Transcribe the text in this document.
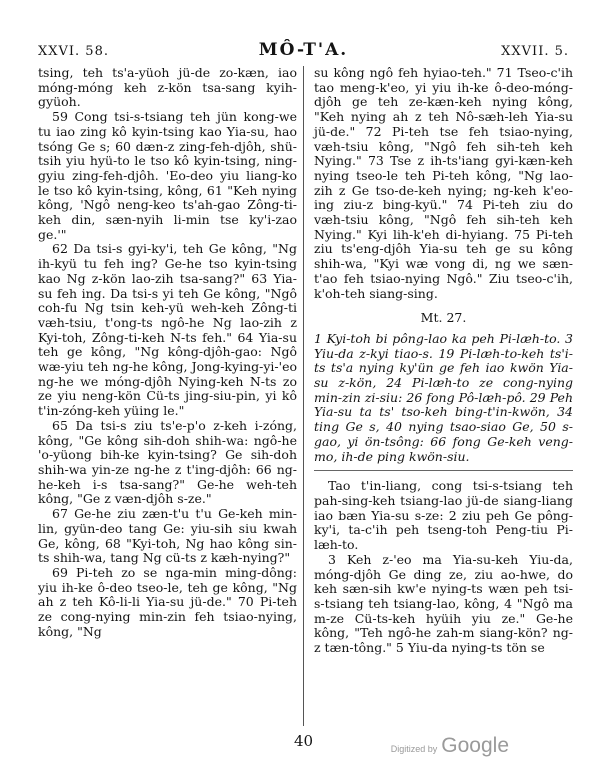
XXVI. 58.	MÔ-T'A.	XXVII. 5.

tsing, teh ts'a-yüoh jü-de zo-kæn, iao móng-móng keh z-kön tsa-sang kyih-gyüoh.

59 Cong tsi-s-tsiang teh jün kong-we tu iao zing kô kyin-tsing kao Yia-su, hao tsóng Ge s; 60 dæn-z zing-feh-djôh, shü-tsih yiu hyü-to le tso kô kyin-tsing, ning-gyiu zing-feh-djôh. 'Eo-deo yiu liang-ko le tso kô kyin-tsing, kông, 61 "Keh nying kông, 'Ngô neng-keo ts'ah-gao Zông-ti-keh din, sæn-nyih li-min tse ky'i-zao ge.'"

62 Da tsi-s gyi-ky'i, teh Ge kông, "Ng ih-kyü tu feh ing? Ge-he tso kyin-tsing kao Ng z-kön lao-zih tsa-sang?" 63 Yia-su feh ing. Da tsi-s yi teh Ge kông, "Ngô coh-fu Ng tsin keh-yü weh-keh Zông-ti væh-tsiu, t'ong-ts ngô-he Ng lao-zih z Kyi-toh, Zông-ti-keh N-ts feh." 64 Yia-su teh ge kông, "Ng kông-djôh-gao: Ngô wæ-yiu teh ng-he kông, Jong-kying-yi-'eo ng-he we móng-djôh Nying-keh N-ts zo ze yiu neng-kön Cü-ts jing-siu-pin, yi kô t'in-zóng-keh yüing le."

65 Da tsi-s ziu ts'e-p'o z-keh i-zóng, kông, "Ge kông sih-doh shih-wa: ngô-he 'o-yüong bih-ke kyin-tsing? Ge sih-doh shih-wa yin-ze ng-he z t'ing-djôh: 66 ng-he-keh i-s tsa-sang?" Ge-he weh-teh kông, "Ge z væn-djôh s-ze."

67 Ge-he ziu zæn-t'u t'u Ge-keh min-lin, gyün-deo tang Ge: yiu-sih siu kwah Ge, kông, 68 "Kyi-toh, Ng hao kông sin-ts shih-wa, tang Ng cü-ts z kæh-nying?"

69 Pi-teh zo se nga-min ming-dông: yiu ih-ke ô-deo tseo-le, teh ge kông, "Ng ah z teh Kô-li-li Yia-su jü-de." 70 Pi-teh ze cong-nying min-zin feh tsiao-nying, kông, "Ng

su kông ngô feh hyiao-teh." 71 Tseo-c'ih tao meng-k'eo, yi yiu ih-ke ô-deo-móng-djôh ge teh ze-kæn-keh nying kông, "Keh nying ah z teh Nô-sæh-leh Yia-su jü-de." 72 Pi-teh tse feh tsiao-nying, væh-tsiu kông, "Ngô feh sih-teh keh Nying." 73 Tse z ih-ts'iang gyi-kæn-keh nying tseo-le teh Pi-teh kông, "Ng lao-zih z Ge tso-de-keh nying; ng-keh k'eo-ing ziu-z bing-kyü." 74 Pi-teh ziu do væh-tsiu kông, "Ngô feh sih-teh keh Nying." Kyi lih-k'eh di-hyiang. 75 Pi-teh ziu ts'eng-djôh Yia-su teh ge su kông shih-wa, "Kyi wæ vong di, ng we sæn-t'ao feh tsiao-nying Ngô." Ziu tseo-c'ih, k'oh-teh siang-sing.

Mt. 27.

1 Kyi-toh bi pông-lao ka peh Pi-læh-to. 3 Yiu-da z-kyi tiao-s. 19 Pi-læh-to-keh ts'i-ts ts'a nying ky'ün ge feh iao kwön Yia-su z-kön, 24 Pi-læh-to ze cong-nying min-zin zi-siu: 26 fong Pô-læh-pô. 29 Peh Yia-su ta ts' tso-keh bing-t'in-kwön, 34 ting Ge s, 40 nying tsao-siao Ge, 50 s-gao, yi ön-tsông: 66 fong Ge-keh veng-mo, ih-de ping kwön-siu.

Tao t'in-liang, cong tsi-s-tsiang teh pah-sing-keh tsiang-lao jü-de siang-liang iao bæn Yia-su s-ze: 2 ziu peh Ge pông-ky'i, ta-c'ih peh tseng-toh Peng-tiu Pi-læh-to.

3 Keh z-'eo ma Yia-su-keh Yiu-da, móng-djôh Ge ding ze, ziu ao-hwe, do keh sæn-sih kw'e nying-ts wæn peh tsi-s-tsiang teh tsiang-lao, kông, 4 "Ngô ma m-ze Cü-ts-keh hyüih yiu ze." Ge-he kông, "Teh ngô-he zah-m siang-kön? ng-z tæn-tông." 5 Yiu-da nying-ts tön se

40	Digitized by Google
